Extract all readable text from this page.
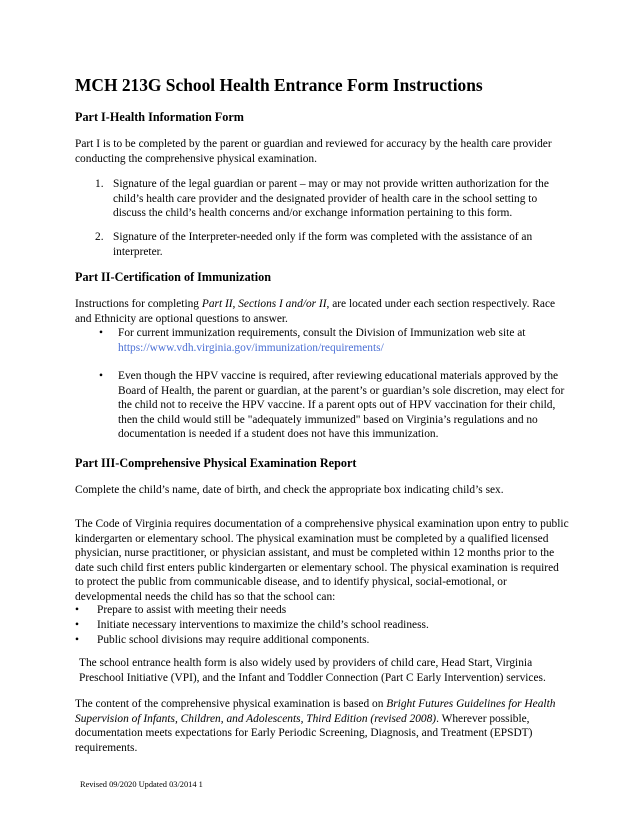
MCH 213G School Health Entrance Form Instructions
Part I-Health Information Form
Part I is to be completed by the parent or guardian and reviewed for accuracy by the health care provider conducting the comprehensive physical examination.
1. Signature of the legal guardian or parent – may or may not provide written authorization for the child’s health care provider and the designated provider of health care in the school setting to discuss the child’s health concerns and/or exchange information pertaining to this form.
2. Signature of the Interpreter-needed only if the form was completed with the assistance of an interpreter.
Part II-Certification of Immunization
Instructions for completing Part II, Sections I and/or II, are located under each section respectively. Race and Ethnicity are optional questions to answer.
• For current immunization requirements, consult the Division of Immunization web site at
https://www.vdh.virginia.gov/immunization/requirements/
• Even though the HPV vaccine is required, after reviewing educational materials approved by the Board of Health, the parent or guardian, at the parent’s or guardian’s sole discretion, may elect for the child not to receive the HPV vaccine. If a parent opts out of HPV vaccination for their child, then the child would still be "adequately immunized" based on Virginia’s regulations and no documentation is needed if a student does not have this immunization.
Part III-Comprehensive Physical Examination Report
Complete the child’s name, date of birth, and check the appropriate box indicating child’s sex.
The Code of Virginia requires documentation of a comprehensive physical examination upon entry to public kindergarten or elementary school. The physical examination must be completed by a qualified licensed physician, nurse practitioner, or physician assistant, and must be completed within 12 months prior to the date such child first enters public kindergarten or elementary school. The physical examination is required to protect the public from communicable disease, and to identify physical, social-emotional, or developmental needs the child has so that the school can:
• Prepare to assist with meeting their needs
• Initiate necessary interventions to maximize the child’s school readiness.
• Public school divisions may require additional components.
The school entrance health form is also widely used by providers of child care, Head Start, Virginia Preschool Initiative (VPI), and the Infant and Toddler Connection (Part C Early Intervention) services.
The content of the comprehensive physical examination is based on Bright Futures Guidelines for Health Supervision of Infants, Children, and Adolescents, Third Edition (revised 2008). Wherever possible, documentation meets expectations for Early Periodic Screening, Diagnosis, and Treatment (EPSDT) requirements.
Revised 09/2020 Updated 03/2014 1
